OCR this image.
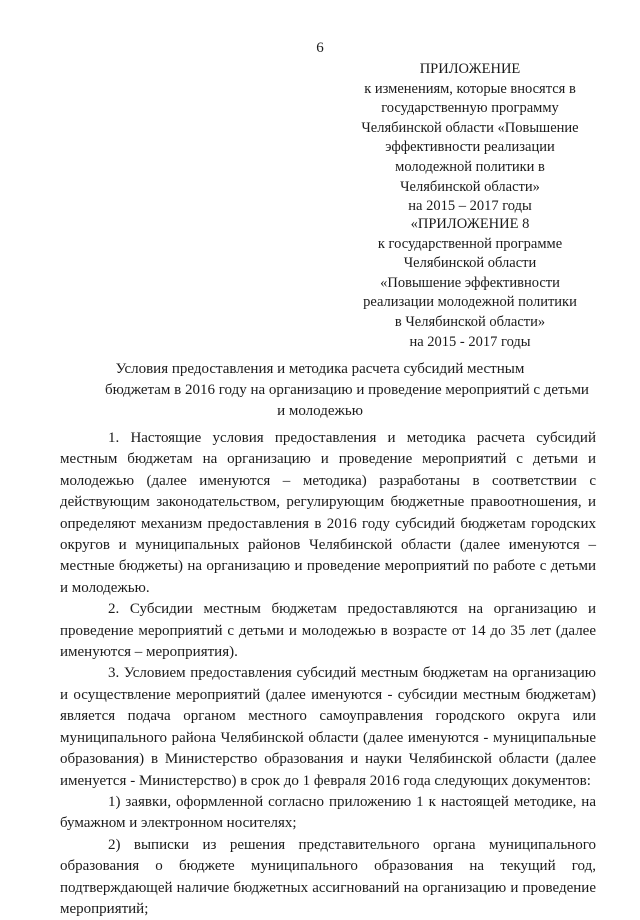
6
ПРИЛОЖЕНИЕ
к изменениям, которые вносятся в
государственную программу
Челябинской области «Повышение
эффективности реализации
молодежной политики в
Челябинской области»
на 2015 – 2017 годы
«ПРИЛОЖЕНИЕ 8
к государственной программе
Челябинской области
«Повышение эффективности
реализации молодежной политики
в Челябинской области»
на 2015 - 2017 годы
Условия предоставления и методика расчета субсидий местным
бюджетам в 2016 году на организацию и проведение мероприятий с детьми
и молодежью

1. Настоящие условия предоставления и методика расчета субсидий местным бюджетам на организацию и проведение мероприятий с детьми и молодежью (далее именуются – методика) разработаны в соответствии с действующим законодательством, регулирующим бюджетные правоотношения, и определяют механизм предоставления в 2016 году субсидий бюджетам городских округов и муниципальных районов Челябинской области (далее именуются – местные бюджеты) на организацию и проведение мероприятий по работе с детьми и молодежью.

2. Субсидии местным бюджетам предоставляются на организацию и проведение мероприятий с детьми и молодежью в возрасте от 14 до 35 лет (далее именуются – мероприятия).

3. Условием предоставления субсидий местным бюджетам на организацию и осуществление мероприятий (далее именуются - субсидии местным бюджетам) является подача органом местного самоуправления городского округа или муниципального района Челябинской области (далее именуются - муниципальные образования) в Министерство образования и науки Челябинской области (далее именуется - Министерство) в срок до 1 февраля 2016 года следующих документов:

1) заявки, оформленной согласно приложению 1 к настоящей методике, на бумажном и электронном носителях;

2) выписки из решения представительного органа муниципального образования о бюджете муниципального образования на текущий год, подтверждающей наличие бюджетных ассигнований на организацию и проведение мероприятий;
